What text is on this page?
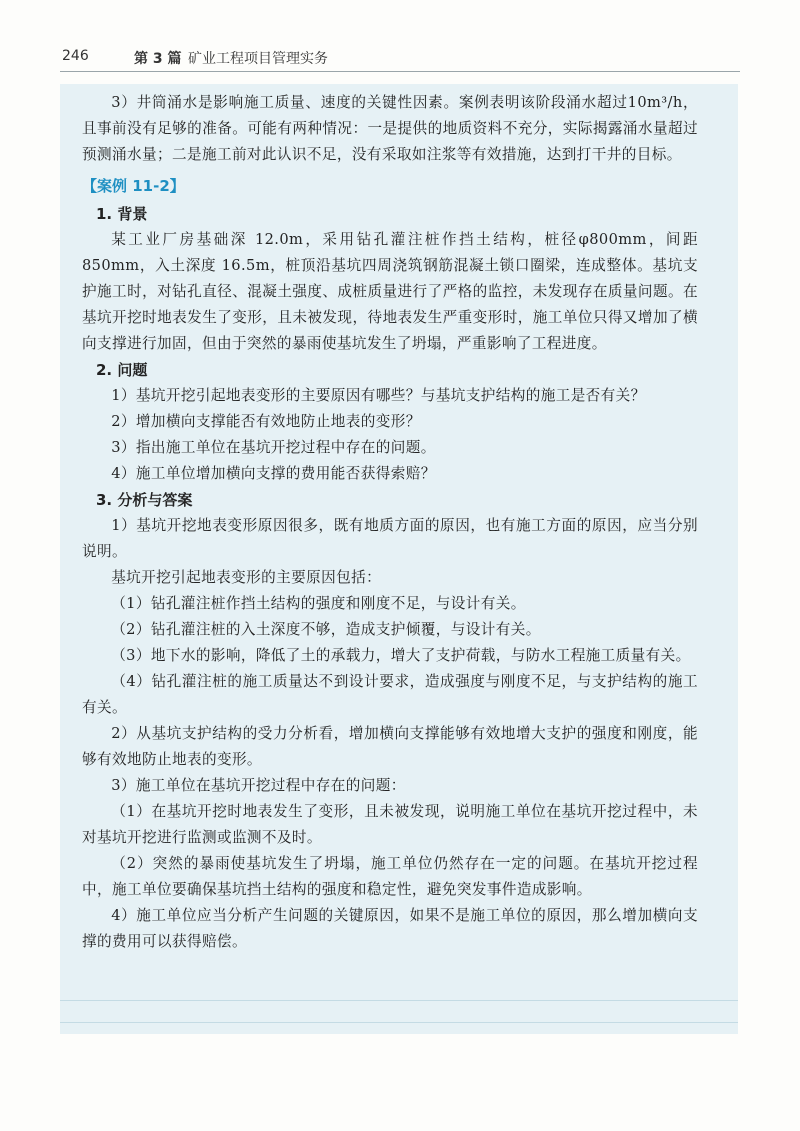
246	第 3 篇 矿业工程项目管理实务

3）井筒涌水是影响施工质量、速度的关键性因素。案例表明该阶段涌水超过10m³/h，且事前没有足够的准备。可能有两种情况：一是提供的地质资料不充分，实际揭露涌水量超过预测涌水量；二是施工前对此认识不足，没有采取如注浆等有效措施，达到打干井的目标。

【案例 11-2】
1. 背景

某工业厂房基础深 12.0m，采用钻孔灌注桩作挡土结构，桩径φ800mm，间距850mm，入土深度 16.5m，桩顶沿基坑四周浇筑钢筋混凝土锁口圈梁，连成整体。基坑支护施工时，对钻孔直径、混凝土强度、成桩质量进行了严格的监控，未发现存在质量问题。在基坑开挖时地表发生了变形，且未被发现，待地表发生严重变形时，施工单位只得又增加了横向支撑进行加固，但由于突然的暴雨使基坑发生了坍塌，严重影响了工程进度。

2. 问题

1）基坑开挖引起地表变形的主要原因有哪些？与基坑支护结构的施工是否有关？

2）增加横向支撑能否有效地防止地表的变形？

3）指出施工单位在基坑开挖过程中存在的问题。

4）施工单位增加横向支撑的费用能否获得索赔？

3. 分析与答案

1）基坑开挖地表变形原因很多，既有地质方面的原因，也有施工方面的原因，应当分别说明。

基坑开挖引起地表变形的主要原因包括：

（1）钻孔灌注桩作挡土结构的强度和刚度不足，与设计有关。

（2）钻孔灌注桩的入土深度不够，造成支护倾覆，与设计有关。

（3）地下水的影响，降低了土的承载力，增大了支护荷载，与防水工程施工质量有关。

（4）钻孔灌注桩的施工质量达不到设计要求，造成强度与刚度不足，与支护结构的施工有关。

2）从基坑支护结构的受力分析看，增加横向支撑能够有效地增大支护的强度和刚度，能够有效地防止地表的变形。

3）施工单位在基坑开挖过程中存在的问题：

（1）在基坑开挖时地表发生了变形，且未被发现，说明施工单位在基坑开挖过程中，未对基坑开挖进行监测或监测不及时。

（2）突然的暴雨使基坑发生了坍塌，施工单位仍然存在一定的问题。在基坑开挖过程中，施工单位要确保基坑挡土结构的强度和稳定性，避免突发事件造成影响。

4）施工单位应当分析产生问题的关键原因，如果不是施工单位的原因，那么增加横向支撑的费用可以获得赔偿。
